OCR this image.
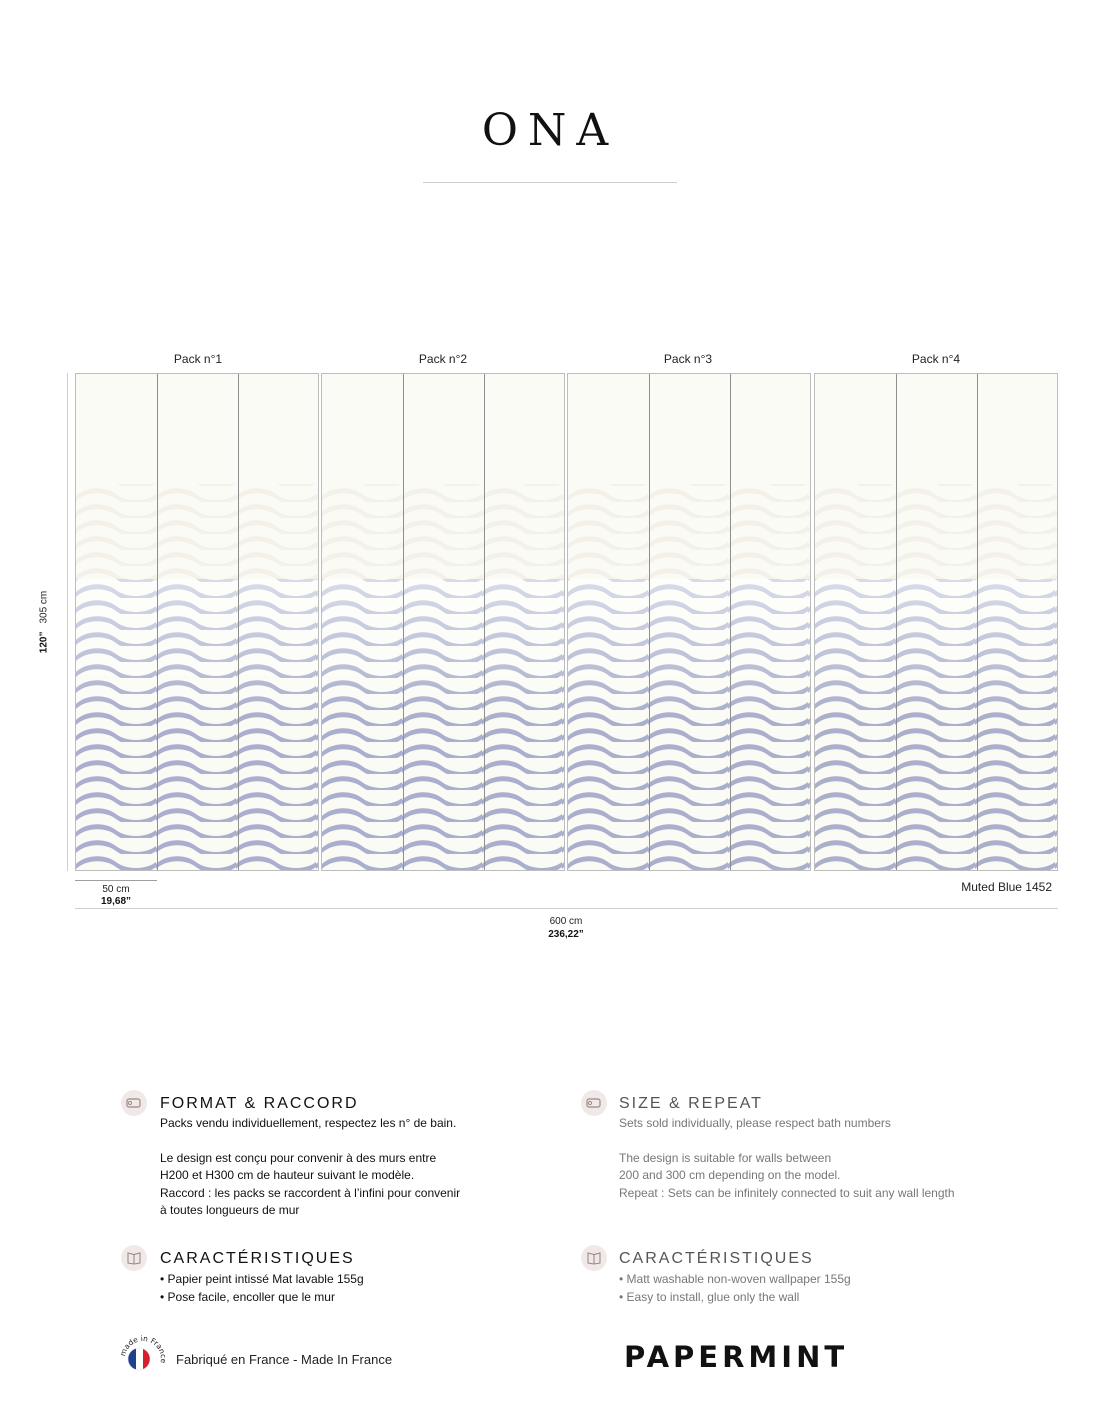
ONA
Pack n°1	Pack n°2	Pack n°3	Pack n°4
120”305 cm
50 cm
19,68”
Muted Blue 1452
600 cm
236,22”
FORMAT & RACCORD
Packs vendu individuellement, respectez les n° de bain.
Le design est conçu pour convenir à des murs entre
H200 et H300 cm de hauteur suivant le modèle.
Raccord : les packs se raccordent à l’infini pour convenir
à toutes longueurs de mur
SIZE & REPEAT
Sets sold individually, please respect bath numbers
The design is suitable for walls between
200 and 300 cm depending on the model.
Repeat : Sets can be infinitely connected to suit any wall length
CARACTÉRISTIQUES
• Papier peint intissé Mat lavable 155g
• Pose facile, encoller que le mur
CARACTÉRISTIQUES
• Matt washable non-woven wallpaper 155g
• Easy to install, glue only the wall
made in France Fabriqué en France - Made In France	PAPERMINT
